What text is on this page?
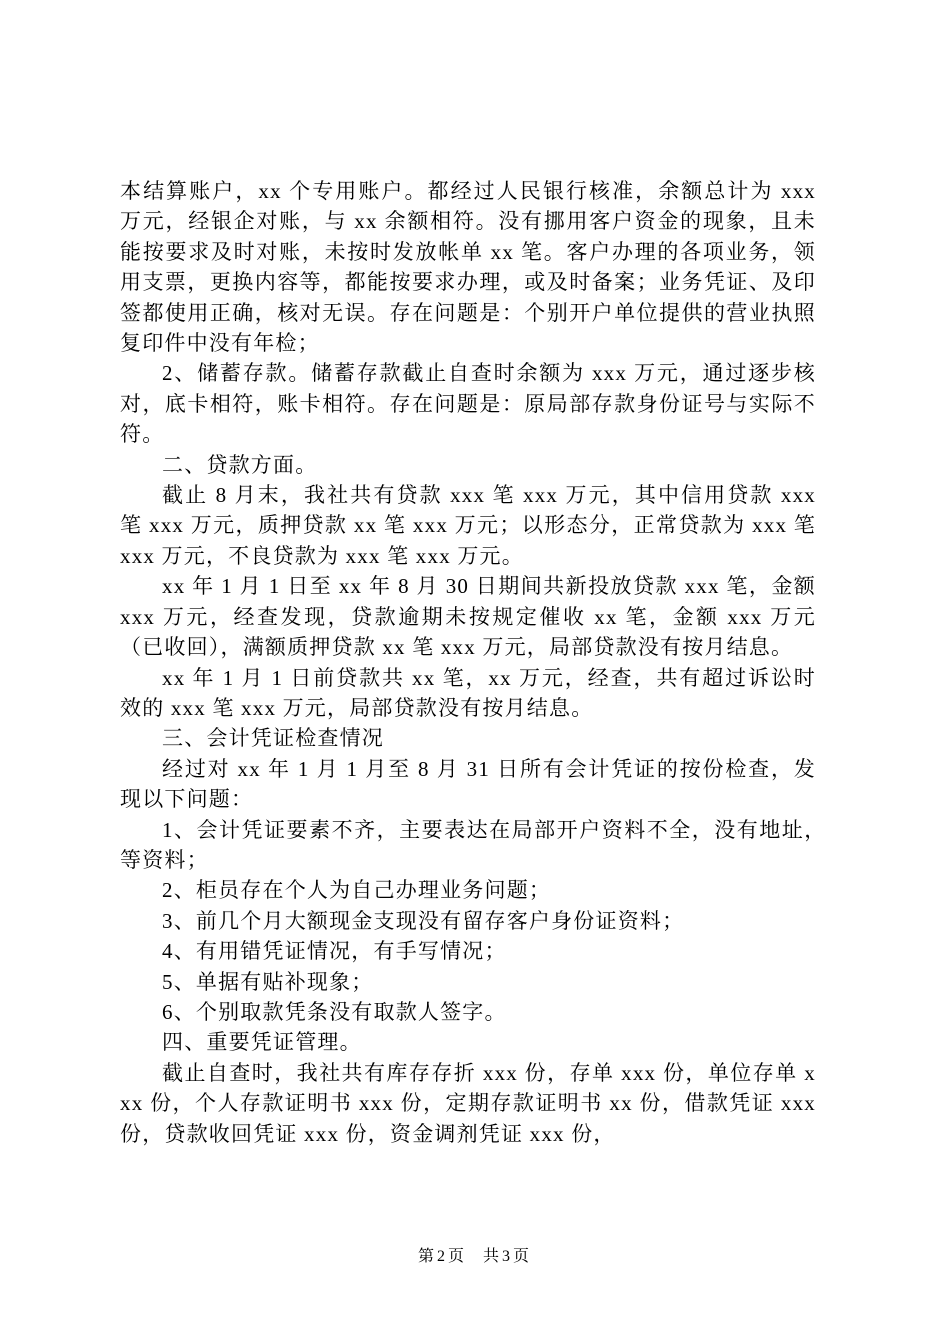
本结算账户，xx 个专用账户。都经过人民银行核准，余额总计为 xxx 万元，经银企对账，与 xx 余额相符。没有挪用客户资金的现象，且未能按要求及时对账，未按时发放帐单 xx 笔。客户办理的各项业务，领用支票，更换内容等，都能按要求办理，或及时备案；业务凭证、及印签都使用正确，核对无误。存在问题是：个别开户单位提供的营业执照复印件中没有年检；

2、储蓄存款。储蓄存款截止自查时余额为 xxx 万元，通过逐步核对，底卡相符，账卡相符。存在问题是：原局部存款身份证号与实际不符。

二、贷款方面。

截止 8 月末，我社共有贷款 xxx 笔 xxx 万元，其中信用贷款 xxx 笔 xxx 万元，质押贷款 xx 笔 xxx 万元；以形态分，正常贷款为 xxx 笔 xxx 万元，不良贷款为 xxx 笔 xxx 万元。

xx 年 1 月 1 日至 xx 年 8 月 30 日期间共新投放贷款 xxx 笔，金额 xxx 万元，经查发现，贷款逾期未按规定催收 xx 笔，金额 xxx 万元（已收回），满额质押贷款 xx 笔 xxx 万元，局部贷款没有按月结息。

xx 年 1 月 1 日前贷款共 xx 笔，xx 万元，经查，共有超过诉讼时效的 xxx 笔 xxx 万元，局部贷款没有按月结息。

三、会计凭证检查情况

经过对 xx 年 1 月 1 月至 8 月 31 日所有会计凭证的按份检查，发现以下问题：

1、会计凭证要素不齐，主要表达在局部开户资料不全，没有地址，　　等资料；

2、柜员存在个人为自己办理业务问题；

3、前几个月大额现金支现没有留存客户身份证资料；

4、有用错凭证情况，有手写情况；

5、单据有贴补现象；

6、个别取款凭条没有取款人签字。

四、重要凭证管理。

截止自查时，我社共有库存存折 xxx 份，存单 xxx 份，单位存单 xxx 份，个人存款证明书 xxx 份，定期存款证明书 xx 份，借款凭证 xxx 份，贷款收回凭证 xxx 份，资金调剂凭证 xxx 份，

第2页 共3页
